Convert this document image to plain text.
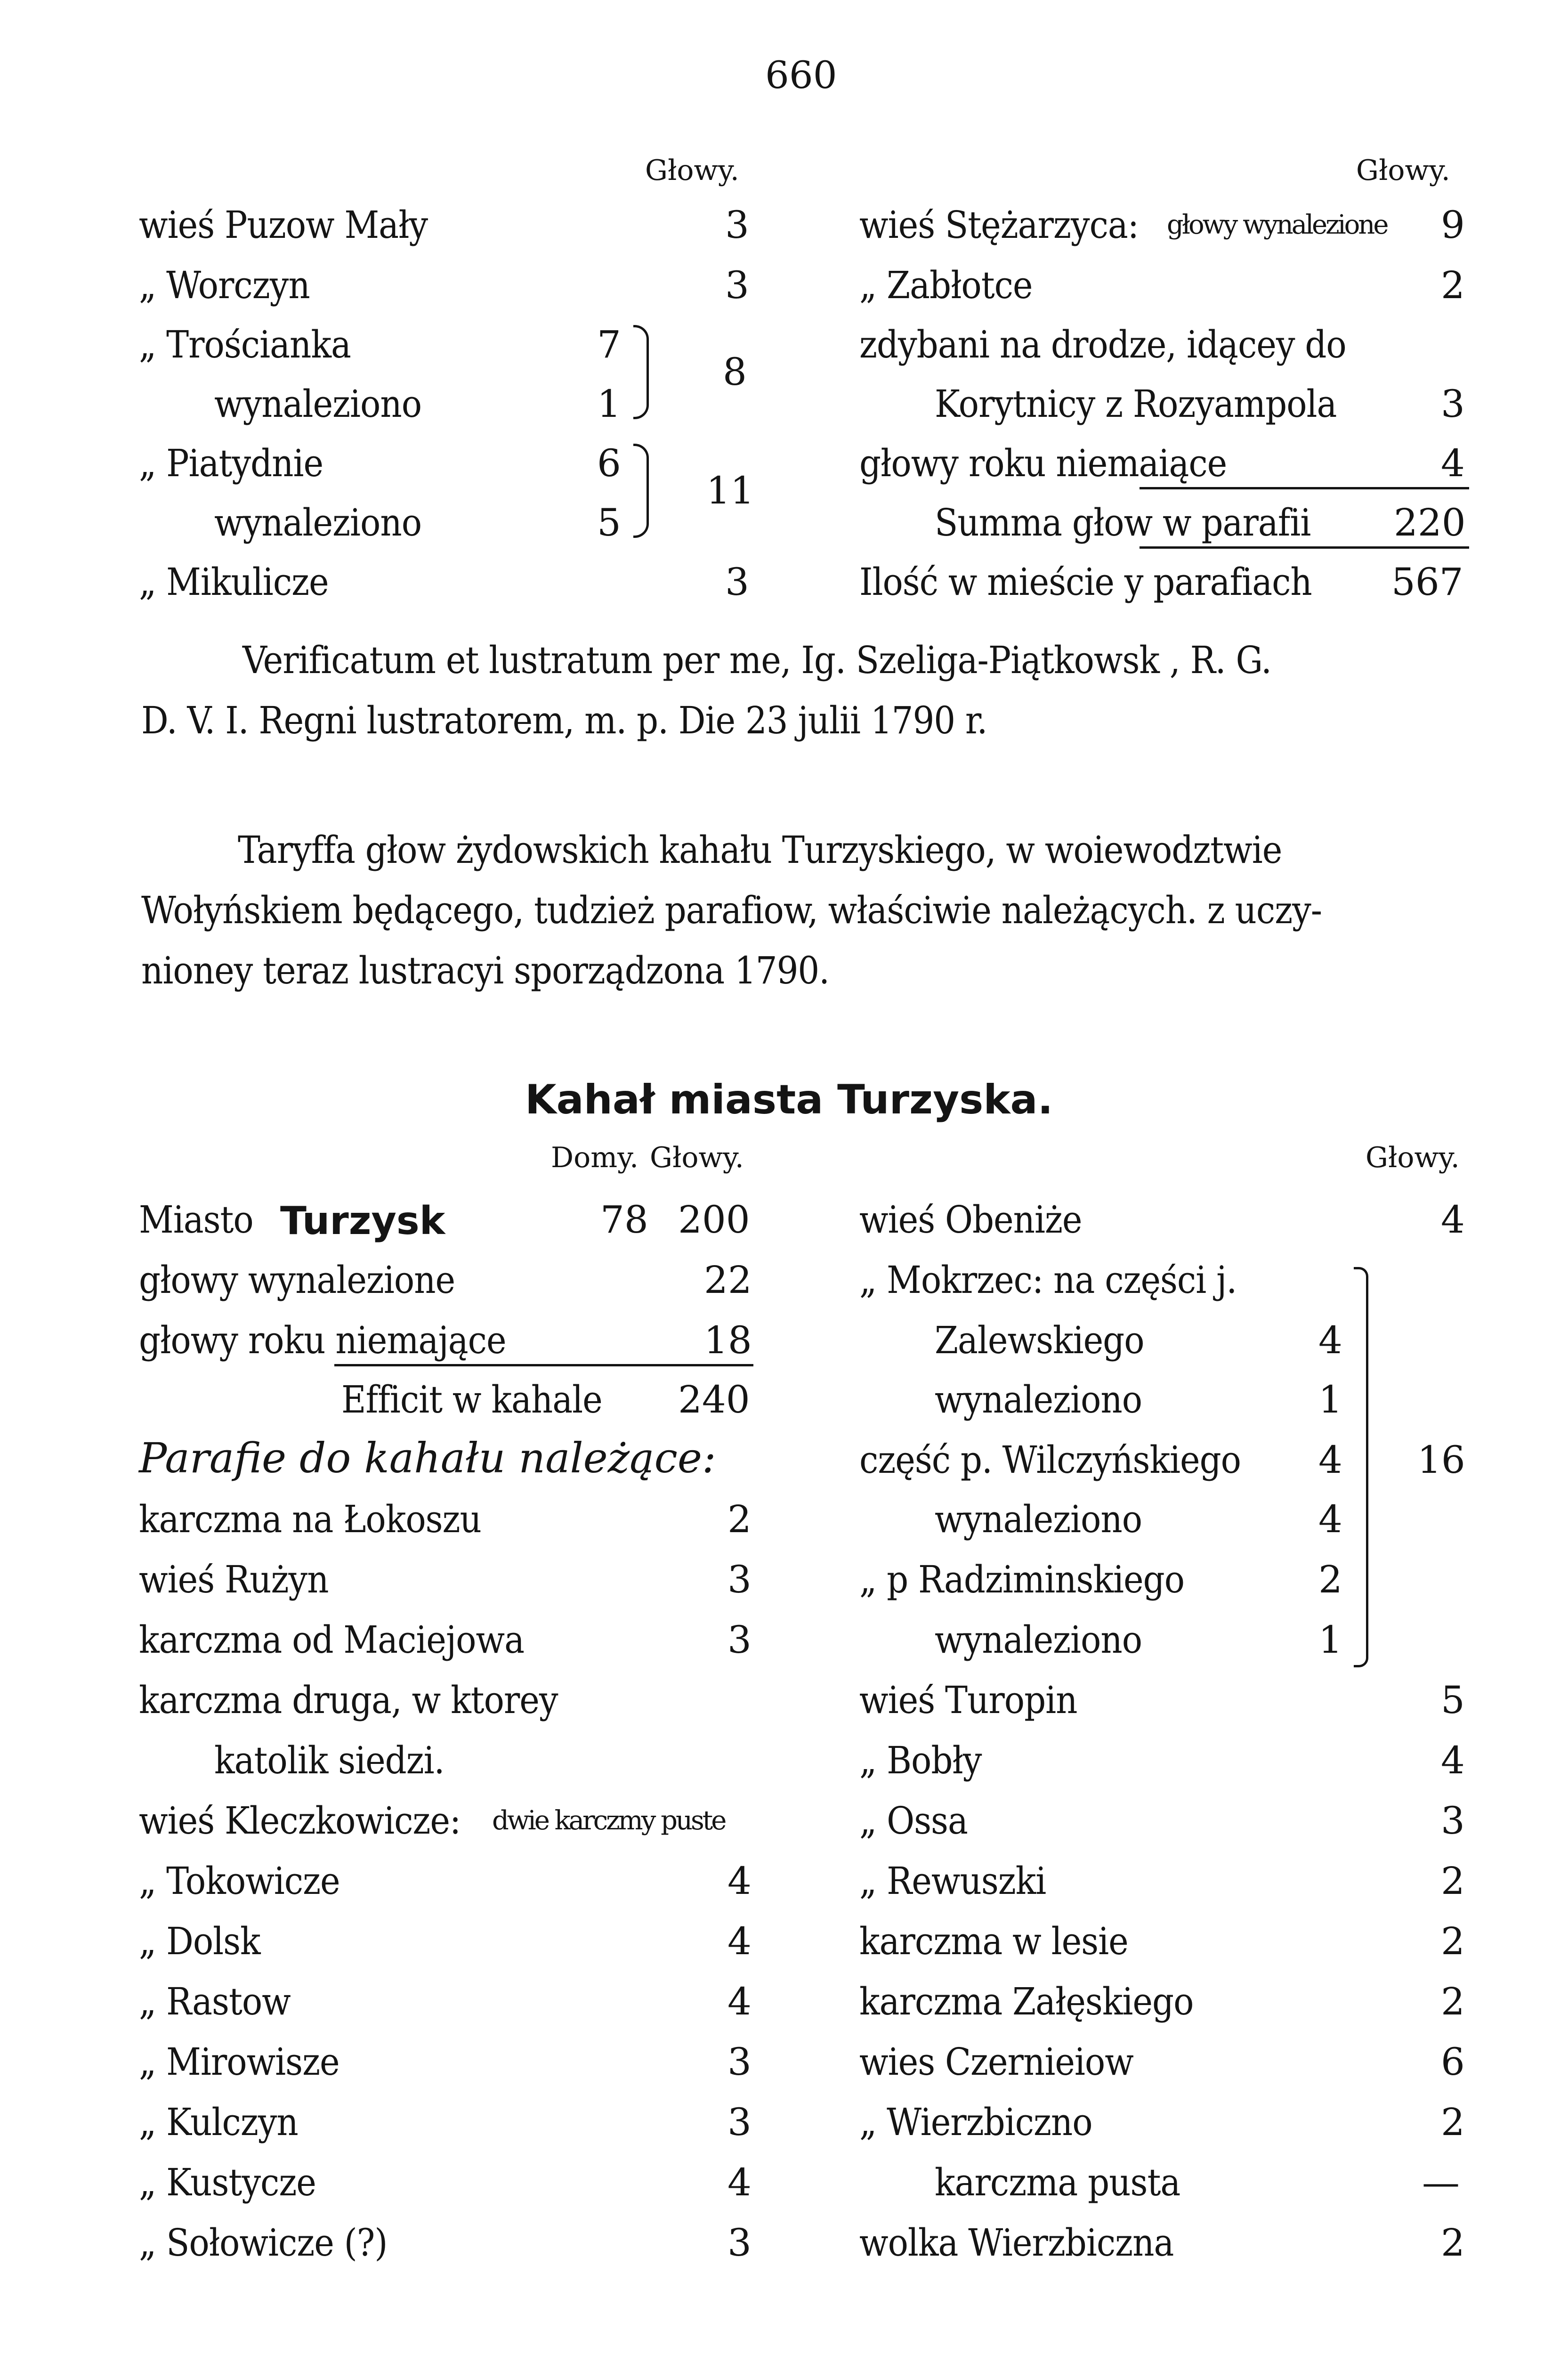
660
Głowy.	Głowy.
wieś Puzow Mały	3
„ Worczyn	3
„ Trościanka	7
wynaleziono	1
8
„ Piatydnie	6
wynaleziono	5
11
„ Mikulicze	3
wieś Stężarzyca: głowy wynalezione 9
„ Zabłotce	2
zdybani na drodze, idącey do
Korytnicy z Rozyampola	3
głowy roku niemaiące	4
Summa głow w parafii 220
Ilość w mieście y parafiach 567
Verificatum et lustratum per me, Ig. Szeliga-Piątkowsk , R. G.
D. V. I. Regni lustratorem, m. p. Die 23 julii 1790 r.
Taryffa głow żydowskich kahału Turzyskiego, w woiewodztwie
Wołyńskiem będącego, tudzież parafiow, właściwie należących. z uczy-
nioney teraz lustracyi sporządzona 1790.
Kahał miasta Turzyska.
Domy. Głowy.	Głowy.
Miasto Turzysk	78 200
głowy wynalezione	22
głowy roku niemające	18
Efficit w kahale 240
Parafie do kahału należące:
karczma na Łokoszu	2
wieś Rużyn	3
karczma od Maciejowa	3
karczma druga, w ktorey
katolik siedzi.
wieś Kleczkowicze: dwie karczmy puste
„ Tokowicze	4
„ Dolsk	4
„ Rastow	4
„ Mirowisze	3
„ Kulczyn	3
„ Kustycze	4
„ Sołowicze (?)	3
wieś Obeniże	4
„ Mokrzec: na części j.
Zalewskiego	4
wynaleziono	1
część p. Wilczyńskiego 4
wynaleziono	4
„ p Radziminskiego	2
wynaleziono	1
16
wieś Turopin	5
„ Bobły	4
„ Ossa	3
„ Rewuszki	2
karczma w lesie	2
karczma Załęskiego	2
wies Czernieiow	6
„ Wierzbiczno	2
karczma pusta	—
wolka Wierzbiczna	2
